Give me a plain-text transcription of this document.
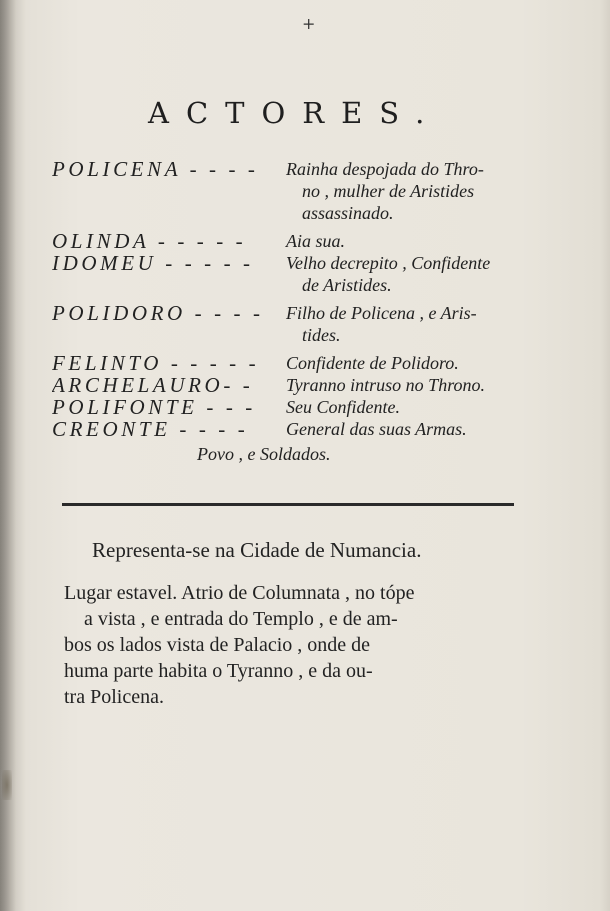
+
ACTORES.
POLICENA - - - -	Rainha despojada do Thro-
no , mulher de Aristides
assassinado.
OLINDA - - - - -	Aia sua.
IDOMEU - - - - -	Velho decrepito , Confidente
de Aristides.
POLIDORO - - - -	Filho de Policena , e Aris-
tides.
FELINTO - - - - -	Confidente de Polidoro.
ARCHELAURO- -	Tyranno intruso no Throno.
POLIFONTE - - -	Seu Confidente.
CREONTE - - - -	General das suas Armas.
Povo , e Soldados.
Representa-se na Cidade de Numancia.
Lugar estavel. Atrio de Columnata , no tópe
a vista , e entrada do Templo , e de am-
bos os lados vista de Palacio , onde de
huma parte habita o Tyranno , e da ou-
tra Policena.
